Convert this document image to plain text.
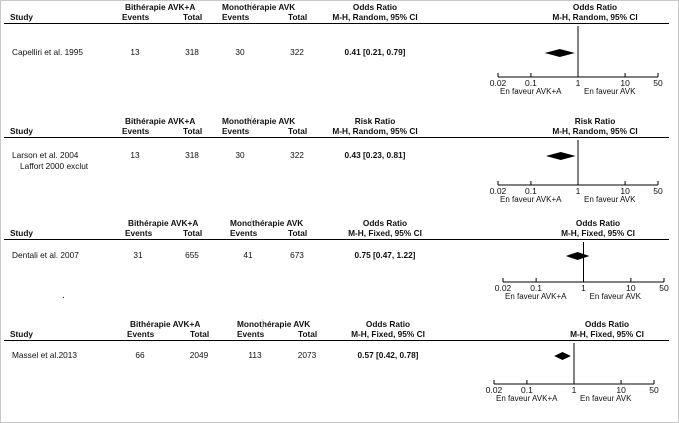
Bithérapie AVK+A	Monothérapie AVK	Odds Ratio	Odds Ratio
Study	Events	Total Events	Total	M-H, Random, 95% CI	M-H, Random, 95% CI
Capelliri et al. 1995	13	318	30	322	0.41 [0.21, 0.79]
0.02 0.1	1	10	50
En faveur AVK+A	En faveur AVK
Bithérapie AVK+A	Monothérapie AVK	Risk Ratio	Risk Ratio
Study	Events	Total Events	Total	M-H, Random, 95% CI	M-H, Random, 95% CI
Larson et al. 2004
Laffort 2000 exclut
13	318	30	322	0.43 [0.23, 0.81]
0.02 0.1	1	10	50
En faveur AVK+A	En faveur AVK
Bithérapie AVK+A	Monothérapie AVK	Odds Ratio	Odds Ratio
Study	Events	Total	Events	Total	M-H, Fixed, 95% CI	M-H, Fixed, 95% CI
Dentali et al. 2007	31	655	41	673	0.75 [0.47, 1.22]
0.02 0.1	1	10	50
En faveur AVK+A	En faveur AVK
Bithérapie AVK+A	Monothérapie AVK	Odds Ratio	Odds Ratio
Study	Events	Total	Events	Total	M-H, Fixed, 95% CI	M-H, Fixed, 95% CI
Massel et al.2013	66	2049	113	2073	0.57 [0.42, 0.78]
0.02 0.1	1	10	50
En faveur AVK+A	En faveur AVK
.
